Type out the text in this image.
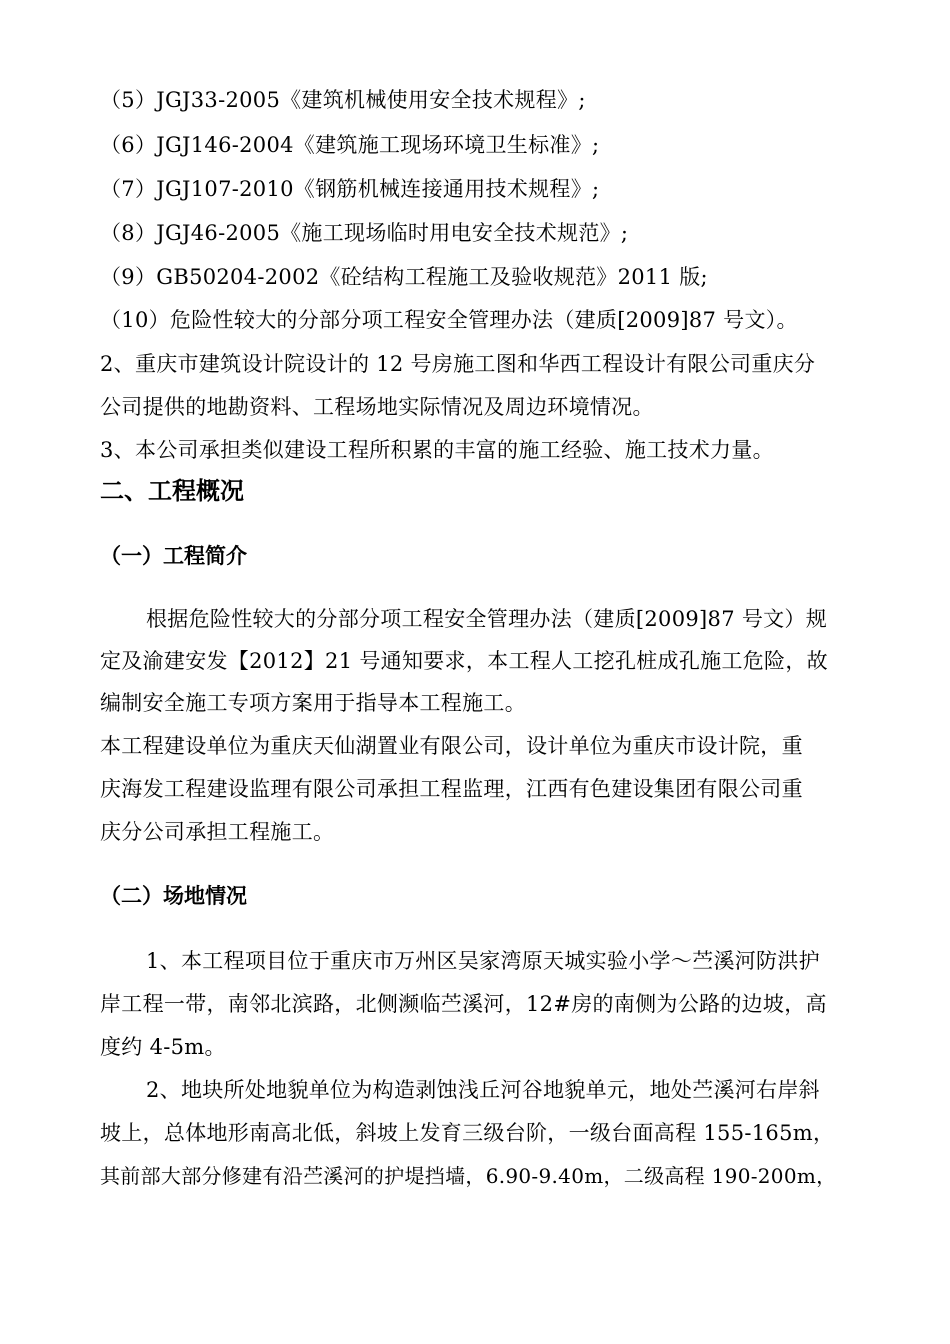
（5）JGJ33-2005《建筑机械使用安全技术规程》;
（6）JGJ146-2004《建筑施工现场环境卫生标准》;
（7）JGJ107-2010《钢筋机械连接通用技术规程》;
（8）JGJ46-2005《施工现场临时用电安全技术规范》;
（9）GB50204-2002《砼结构工程施工及验收规范》2011 版;
（10）危险性较大的分部分项工程安全管理办法（建质[2009]87 号文）。
2、重庆市建筑设计院设计的 12 号房施工图和华西工程设计有限公司重庆分
公司提供的地勘资料、工程场地实际情况及周边环境情况。
3、本公司承担类似建设工程所积累的丰富的施工经验、施工技术力量。
二、工程概况
（一）工程简介
根据危险性较大的分部分项工程安全管理办法（建质[2009]87 号文）规
定及渝建安发【2012】21 号通知要求，本工程人工挖孔桩成孔施工危险，故
编制安全施工专项方案用于指导本工程施工。
本工程建设单位为重庆天仙湖置业有限公司，设计单位为重庆市设计院，重
庆海发工程建设监理有限公司承担工程监理，江西有色建设集团有限公司重
庆分公司承担工程施工。
（二）场地情况
1、本工程项目位于重庆市万州区吴家湾原天城实验小学～苎溪河防洪护
岸工程一带，南邻北滨路，北侧濒临苎溪河，12#房的南侧为公路的边坡，高
度约 4-5m。
2、地块所处地貌单位为构造剥蚀浅丘河谷地貌单元，地处苎溪河右岸斜
坡上，总体地形南高北低，斜坡上发育三级台阶，一级台面高程 155-165m，
其前部大部分修建有沿苎溪河的护堤挡墙，6.90-9.40m，二级高程 190-200m，
